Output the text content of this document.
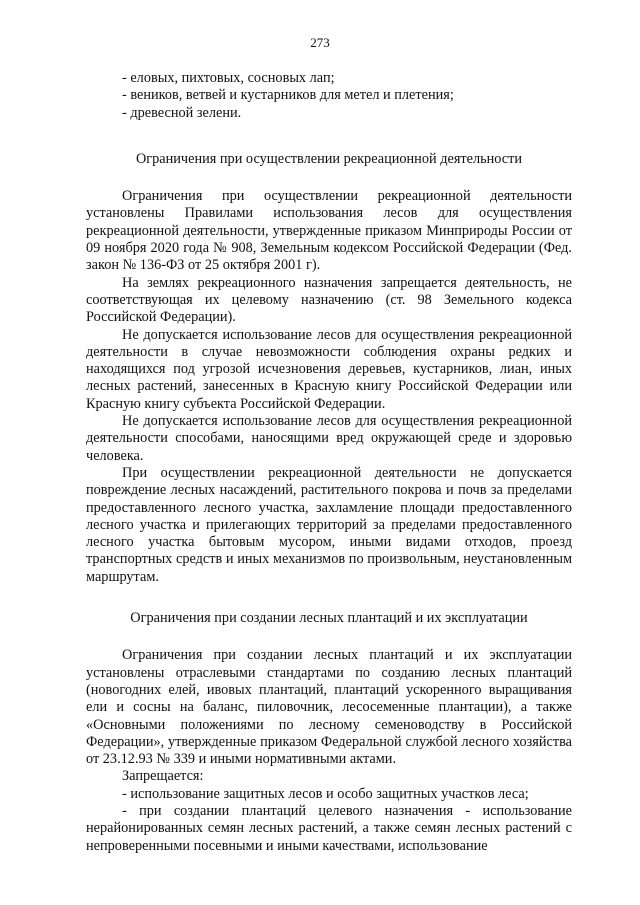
273

- еловых, пихтовых, сосновых лап;

- веников, ветвей и кустарников для метел и плетения;

- древесной зелени.

Ограничения при осуществлении рекреационной деятельности

Ограничения при осуществлении рекреационной деятельности установлены Правилами использования лесов для осуществления рекреационной деятельности, утвержденные приказом Минприроды России от 09 ноября 2020 года № 908, Земельным кодексом Российской Федерации (Фед. закон № 136-ФЗ от 25 октября 2001 г).

На землях рекреационного назначения запрещается деятельность, не соответствующая их целевому назначению (ст. 98 Земельного кодекса Российской Федерации).

Не допускается использование лесов для осуществления рекреационной деятельности в случае невозможности соблюдения охраны редких и находящихся под угрозой исчезновения деревьев, кустарников, лиан, иных лесных растений, занесенных в Красную книгу Российской Федерации или Красную книгу субъекта Российской Федерации.

Не допускается использование лесов для осуществления рекреационной деятельности способами, наносящими вред окружающей среде и здоровью человека.

При осуществлении рекреационной деятельности не допускается повреждение лесных насаждений, растительного покрова и почв за пределами предоставленного лесного участка, захламление площади предоставленного лесного участка и прилегающих территорий за пределами предоставленного лесного участка бытовым мусором, иными видами отходов, проезд транспортных средств и иных механизмов по произвольным, неустановленным маршрутам.

Ограничения при создании лесных плантаций и их эксплуатации

Ограничения при создании лесных плантаций и их эксплуатации установлены отраслевыми стандартами по созданию лесных плантаций (новогодних елей, ивовых плантаций, плантаций ускоренного выращивания ели и сосны на баланс, пиловочник, лесосеменные плантации), а также «Основными положениями по лесному семеноводству в Российской Федерации», утвержденные приказом Федеральной службой лесного хозяйства от 23.12.93 № 339 и иными нормативными актами.

Запрещается:

- использование защитных лесов и особо защитных участков леса;

- при создании плантаций целевого назначения - использование нерайонированных семян лесных растений, а также семян лесных растений с непроверенными посевными и иными качествами, использование
